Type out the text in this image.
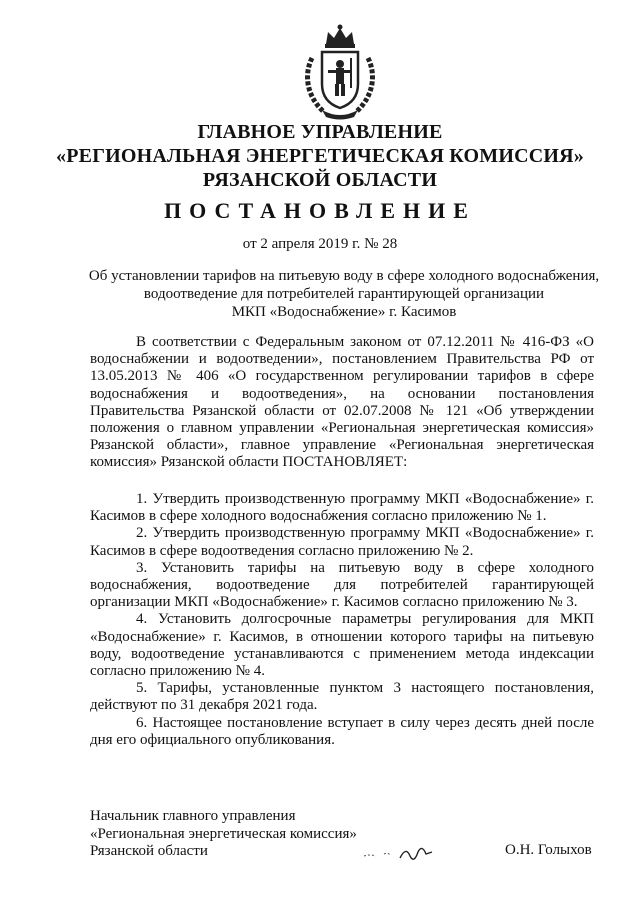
ГЛАВНОЕ УПРАВЛЕНИЕ
«РЕГИОНАЛЬНАЯ ЭНЕРГЕТИЧЕСКАЯ КОМИССИЯ»
РЯЗАНСКОЙ ОБЛАСТИ
ПОСТАНОВЛЕНИЕ
от 2 апреля 2019 г. № 28
Об установлении тарифов на питьевую воду в сфере холодного водоснабжения,
водоотведение для потребителей гарантирующей организации
МКП «Водоснабжение» г. Касимов
В соответствии с Федеральным законом от 07.12.2011 № 416-ФЗ «О водоснабжении и водоотведении», постановлением Правительства РФ от 13.05.2013 № 406 «О государственном регулировании тарифов в сфере водоснабжения и водоотведения», на основании постановления Правительства Рязанской области от 02.07.2008 № 121 «Об утверждении положения о главном управлении «Региональная энергетическая комиссия» Рязанской области», главное управление «Региональная энергетическая комиссия» Рязанской области ПОСТАНОВЛЯЕТ:

1. Утвердить производственную программу МКП «Водоснабжение» г. Касимов в сфере холодного водоснабжения согласно приложению № 1.

2. Утвердить производственную программу МКП «Водоснабжение» г. Касимов в сфере водоотведения согласно приложению № 2.

3. Установить тарифы на питьевую воду в сфере холодного водоснабжения, водоотведение для потребителей гарантирующей организации МКП «Водоснабжение» г. Касимов согласно приложению № 3.

4. Установить долгосрочные параметры регулирования для МКП «Водоснабжение» г. Касимов, в отношении которого тарифы на питьевую воду, водоотведение устанавливаются с применением метода индексации согласно приложению № 4.

5. Тарифы, установленные пунктом 3 настоящего постановления, действуют по 31 декабря 2021 года.

6. Настоящее постановление вступает в силу через десять дней после дня его официального опубликования.

Начальник главного управления
«Региональная энергетическая комиссия»
Рязанской области	О.Н. Голыхов
